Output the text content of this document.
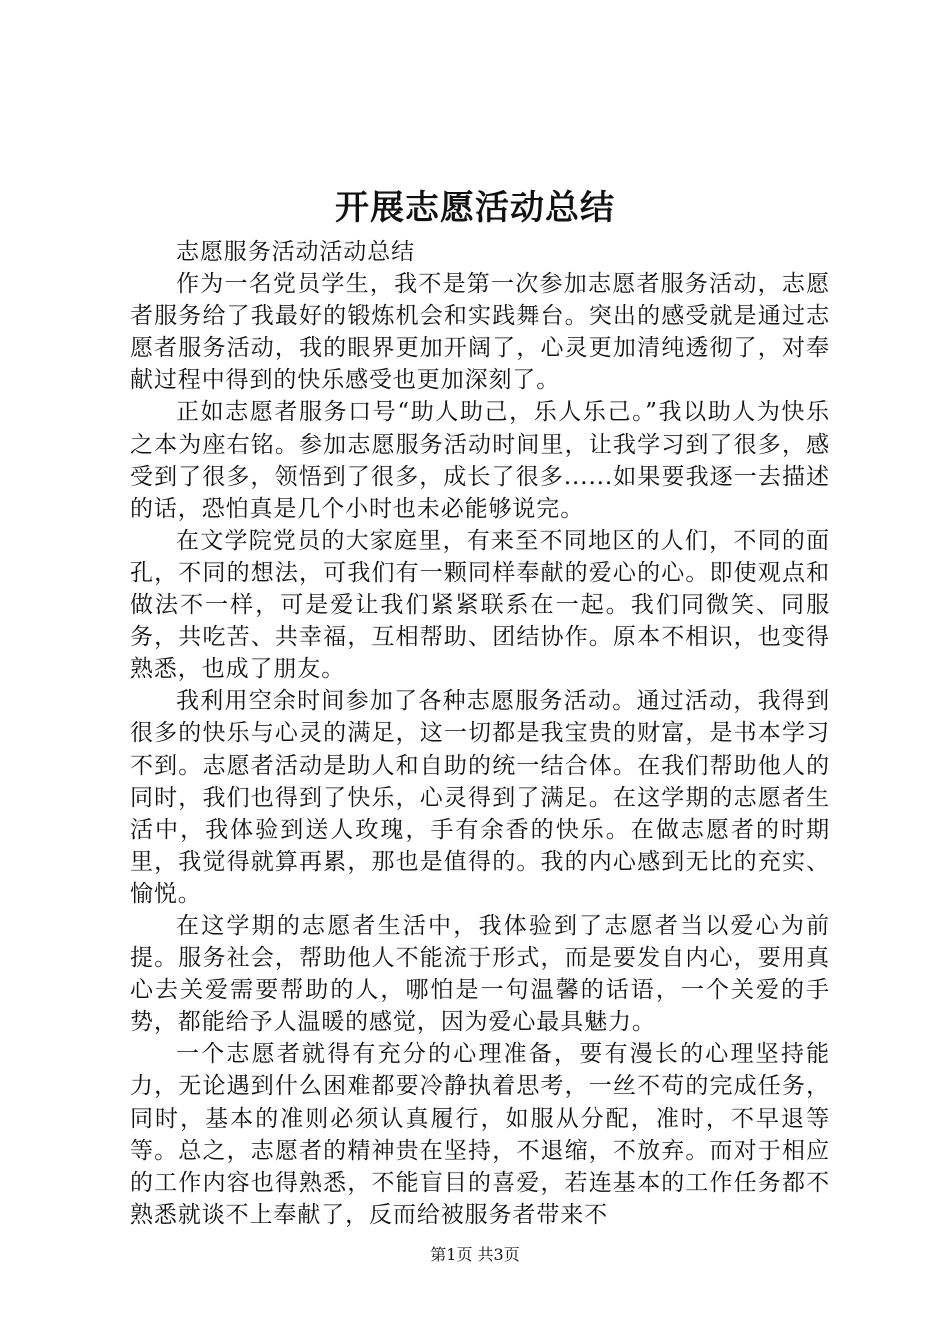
开展志愿活动总结

志愿服务活动活动总结

作为一名党员学生，我不是第一次参加志愿者服务活动，志愿者服务给了我最好的锻炼机会和实践舞台。突出的感受就是通过志愿者服务活动，我的眼界更加开阔了，心灵更加清纯透彻了，对奉献过程中得到的快乐感受也更加深刻了。

正如志愿者服务口号“助人助己，乐人乐己。”我以助人为快乐之本为座右铭。参加志愿服务活动时间里，让我学习到了很多，感受到了很多，领悟到了很多，成长了很多......如果要我逐一去描述的话，恐怕真是几个小时也未必能够说完。

在文学院党员的大家庭里，有来至不同地区的人们，不同的面孔，不同的想法，可我们有一颗同样奉献的爱心的心。即使观点和做法不一样，可是爱让我们紧紧联系在一起。我们同微笑、同服务，共吃苦、共幸福，互相帮助、团结协作。原本不相识，也变得熟悉，也成了朋友。

我利用空余时间参加了各种志愿服务活动。通过活动，我得到很多的快乐与心灵的满足，这一切都是我宝贵的财富，是书本学习不到。志愿者活动是助人和自助的统一结合体。在我们帮助他人的同时，我们也得到了快乐，心灵得到了满足。在这学期的志愿者生活中，我体验到送人玫瑰，手有余香的快乐。在做志愿者的时期里，我觉得就算再累，那也是值得的。我的内心感到无比的充实、愉悦。

在这学期的志愿者生活中，我体验到了志愿者当以爱心为前提。服务社会，帮助他人不能流于形式，而是要发自内心，要用真心去关爱需要帮助的人，哪怕是一句温馨的话语，一个关爱的手势，都能给予人温暖的感觉，因为爱心最具魅力。

一个志愿者就得有充分的心理准备，要有漫长的心理坚持能力，无论遇到什么困难都要冷静执着思考，一丝不苟的完成任务，同时，基本的准则必须认真履行，如服从分配，准时，不早退等等。总之，志愿者的精神贵在坚持，不退缩，不放弃。而对于相应的工作内容也得熟悉，不能盲目的喜爱，若连基本的工作任务都不熟悉就谈不上奉献了，反而给被服务者带来不

第1页 共3页
